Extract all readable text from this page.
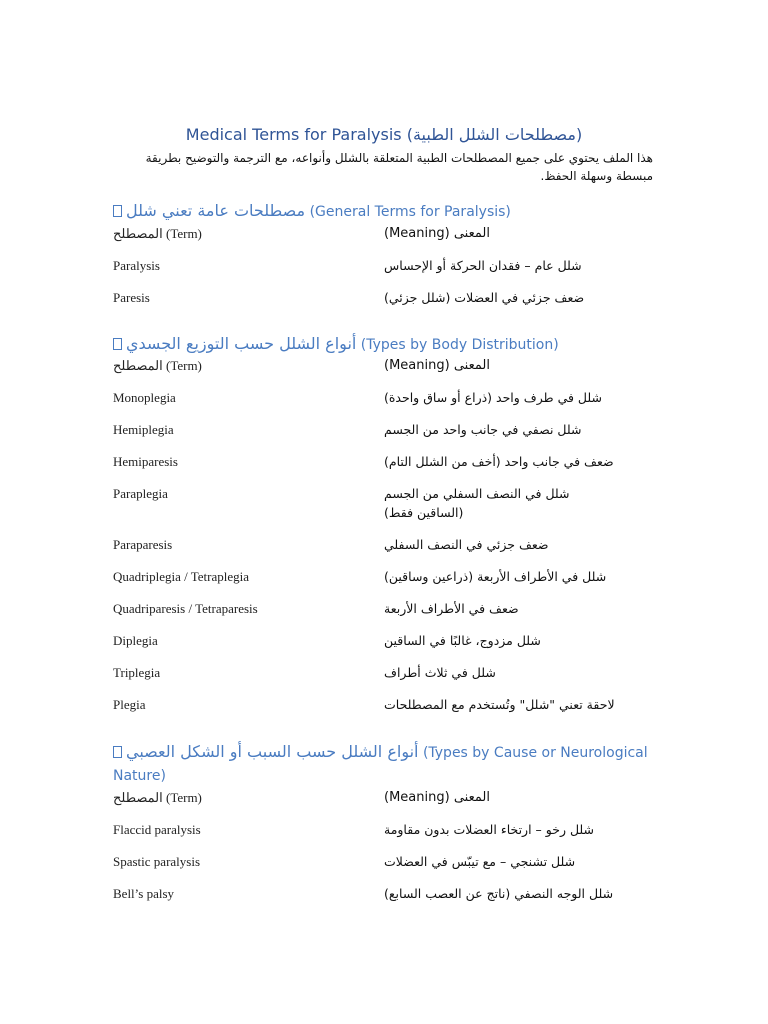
Medical Terms for Paralysis (مصطلحات الشلل الطبية)
هذا الملف يحتوي على جميع المصطلحات الطبية المتعلقة بالشلل وأنواعه، مع الترجمة والتوضيح بطريقة مبسطة وسهلة الحفظ.
مصطلحات عامة تعني شلل (General Terms for Paralysis)
المصطلح (Term)	المعنى (Meaning)
Paralysis	شلل عام – فقدان الحركة أو الإحساس
Paresis	ضعف جزئي في العضلات (شلل جزئي)
أنواع الشلل حسب التوزيع الجسدي (Types by Body Distribution)
المصطلح (Term)	المعنى (Meaning)
Monoplegia	شلل في طرف واحد (ذراع أو ساق واحدة)
Hemiplegia	شلل نصفي في جانب واحد من الجسم
Hemiparesis	ضعف في جانب واحد (أخف من الشلل التام)
Paraplegia	شلل في النصف السفلي من الجسم (الساقين فقط)
Paraparesis	ضعف جزئي في النصف السفلي
Quadriplegia / Tetraplegia	شلل في الأطراف الأربعة (ذراعين وساقين)
Quadriparesis / Tetraparesis	ضعف في الأطراف الأربعة
Diplegia	شلل مزدوج، غالبًا في الساقين
Triplegia	شلل في ثلاث أطراف
Plegia	لاحقة تعني "شلل" وتُستخدم مع المصطلحات
أنواع الشلل حسب السبب أو الشكل العصبي (Types by Cause or Neurological Nature)
المصطلح (Term)	المعنى (Meaning)
Flaccid paralysis	شلل رخو – ارتخاء العضلات بدون مقاومة
Spastic paralysis	شلل تشنجي – مع تيبّس في العضلات
Bell’s palsy	شلل الوجه النصفي (ناتج عن العصب السابع)
